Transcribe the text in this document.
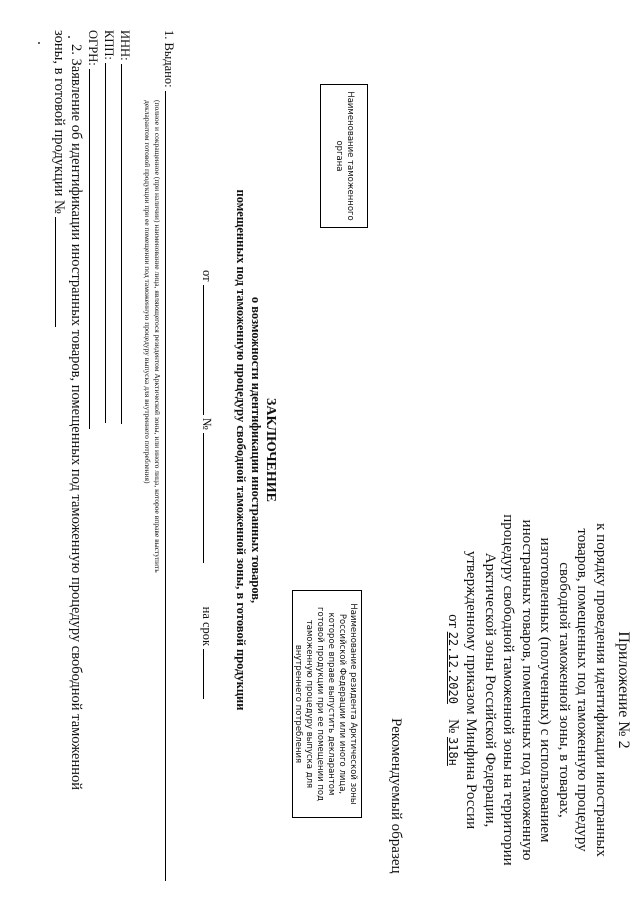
Приложение № 2
к порядку проведения идентификации иностранных
товаров, помещенных под таможенную процедуру
свободной таможенной зоны, в товарах,
изготовленных (полученных) с использованием
иностранных товаров, помещенных под таможенную
процедуру свободной таможенной зоны на территории
Арктической зоны Российской Федерации,
утвержденному приказом Минфина России
от 22.12.2020    № 318н
Рекомендуемый образец
Наименование резидента Арктической зоны Российской Федерации или иного лица, которое вправе выпустить декларантом готовой продукции при ее помещении под таможенную процедуру выпуска для внутреннего потребления
Наименование таможенного органа
ЗАКЛЮЧЕНИЕ
о возможности идентификации иностранных товаров,
помещенных под таможенную процедуру свободной таможенной зоны, в готовой продукции
от  №               на срок
1. Выдано:
(полное и сокращенное (при наличии) наименование лица, являющегося резидентом Арктической зоны, или иного лица, которое вправе выступить
декларантом готовой продукции при ее помещении под таможенную процедуру выпуска для внутреннего потребления)
ИНН:
КПП:
ОГРН:
2. Заявление об идентификации иностранных товаров, помещенных под таможенную процедуру свободной таможенной
зоны, в готовой продукции №
